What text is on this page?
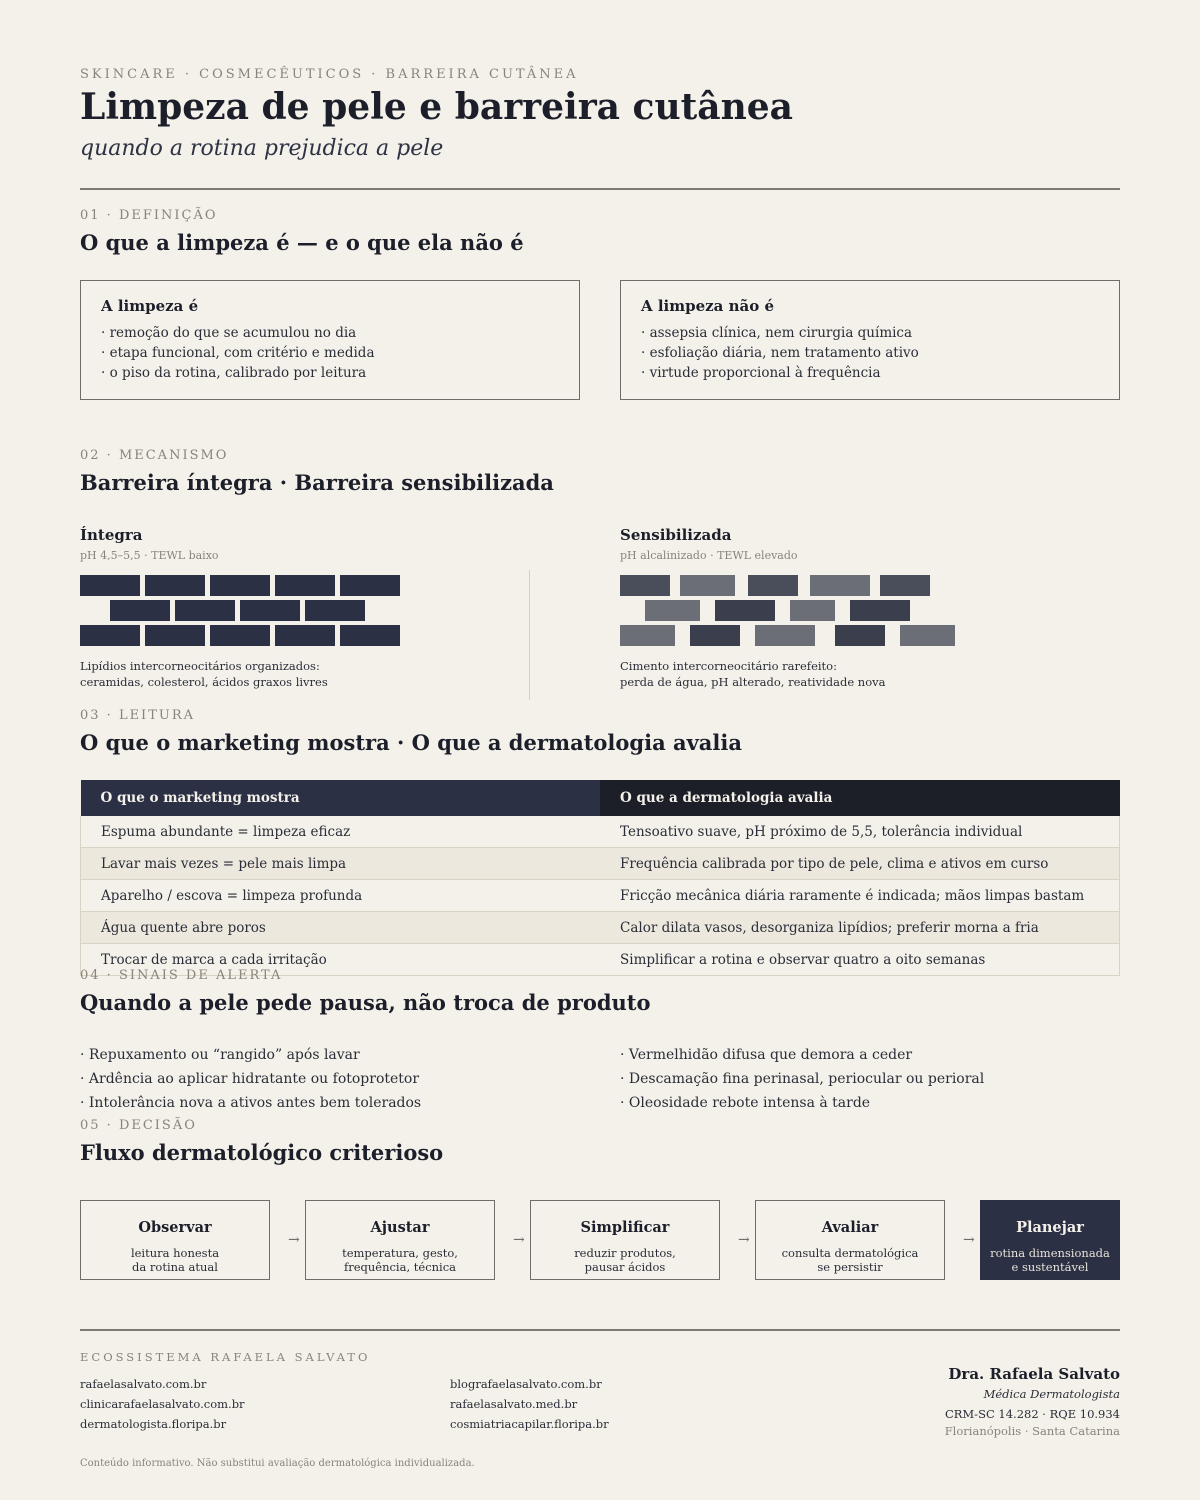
SKINCARE · COSMECÊUTICOS · BARREIRA CUTÂNEA
Limpeza de pele e barreira cutânea
quando a rotina prejudica a pele
01 · DEFINIÇÃO
O que a limpeza é — e o que ela não é
A limpeza é
· remoção do que se acumulou no dia
· etapa funcional, com critério e medida
· o piso da rotina, calibrado por leitura
A limpeza não é
· assepsia clínica, nem cirurgia química
· esfoliação diária, nem tratamento ativo
· virtude proporcional à frequência
02 · MECANISMO
Barreira íntegra · Barreira sensibilizada
Íntegra
pH 4,5–5,5 · TEWL baixo
Lipídios intercorneocitários organizados:
ceramidas, colesterol, ácidos graxos livres
Sensibilizada
pH alcalinizado · TEWL elevado
Cimento intercorneocitário rarefeito:
perda de água, pH alterado, reatividade nova
03 · LEITURA
O que o marketing mostra · O que a dermatologia avalia
O que o marketing mostra	O que a dermatologia avalia
Espuma abundante = limpeza eficaz	Tensoativo suave, pH próximo de 5,5, tolerância individual
Lavar mais vezes = pele mais limpa	Frequência calibrada por tipo de pele, clima e ativos em curso
Aparelho / escova = limpeza profunda	Fricção mecânica diária raramente é indicada; mãos limpas bastam
Água quente abre poros	Calor dilata vasos, desorganiza lipídios; preferir morna a fria
Trocar de marca a cada irritação	Simplificar a rotina e observar quatro a oito semanas
04 · SINAIS DE ALERTA
Quando a pele pede pausa, não troca de produto
· Repuxamento ou “rangido” após lavar
· Ardência ao aplicar hidratante ou fotoprotetor
· Intolerância nova a ativos antes bem tolerados
· Vermelhidão difusa que demora a ceder
· Descamação fina perinasal, periocular ou perioral
· Oleosidade rebote intensa à tarde
05 · DECISÃO
Fluxo dermatológico criterioso
Observar
leitura honesta
da rotina atual
→
Ajustar
temperatura, gesto,
frequência, técnica
→
Simplificar
reduzir produtos,
pausar ácidos
→
Avaliar
consulta dermatológica
se persistir
→
Planejar
rotina dimensionada
e sustentável
ECOSSISTEMA RAFAELA SALVATO
rafaelasalvato.com.br
clinicarafaelasalvato.com.br
dermatologista.floripa.br
blografaelasalvato.com.br
rafaelasalvato.med.br
cosmiatriacapilar.floripa.br
Dra. Rafaela Salvato
Médica Dermatologista
CRM-SC 14.282 · RQE 10.934
Florianópolis · Santa Catarina
Conteúdo informativo. Não substitui avaliação dermatológica individualizada.
